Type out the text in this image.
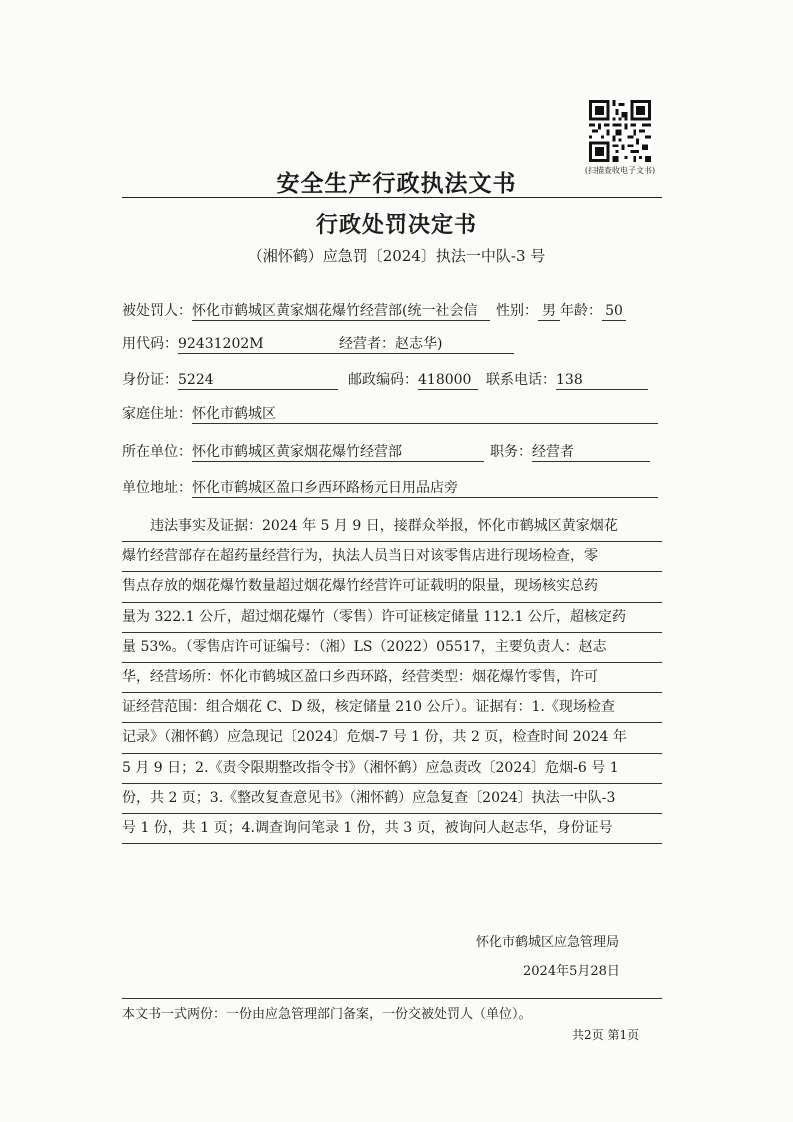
(扫描查收电子文书)
安全生产行政执法文书
行政处罚决定书
（湘怀鹤）应急罚〔2024〕执法一中队-3 号
被处罚人：怀化市鹤城区黄家烟花爆竹经营部(统一社会信 性别： 男 年龄： 50
用代码：92431202M	经营者：赵志华)
身份证：5224	邮政编码：418000 联系电话：138
家庭住址：怀化市鹤城区
所在单位：怀化市鹤城区黄家烟花爆竹经营部	职务：经营者
单位地址：怀化市鹤城区盈口乡西环路杨元日用品店旁
　　违法事实及证据：2024 年 5 月 9 日，接群众举报，怀化市鹤城区黄家烟花
爆竹经营部存在超药量经营行为，执法人员当日对该零售店进行现场检查，零
售点存放的烟花爆竹数量超过烟花爆竹经营许可证载明的限量，现场核实总药
量为 322.1 公斤，超过烟花爆竹（零售）许可证核定储量 112.1 公斤，超核定药
量 53%。（零售店许可证编号：（湘）LS（2022）05517，主要负责人：赵志
华，经营场所：怀化市鹤城区盈口乡西环路，经营类型：烟花爆竹零售，许可
证经营范围：组合烟花 C、D 级，核定储量 210 公斤）。证据有：1.《现场检查
记录》（湘怀鹤）应急现记〔2024〕危烟-7 号 1 份，共 2 页，检查时间 2024 年
5 月 9 日；2.《责令限期整改指令书》（湘怀鹤）应急责改〔2024〕危烟-6 号 1
份，共 2 页；3.《整改复查意见书》（湘怀鹤）应急复查〔2024〕执法一中队-3
号 1 份，共 1 页；4.调查询问笔录 1 份，共 3 页，被询问人赵志华，身份证号
怀化市鹤城区应急管理局
2024年5月28日
本文书一式两份：一份由应急管理部门备案，一份交被处罚人（单位）。
共2页 第1页
